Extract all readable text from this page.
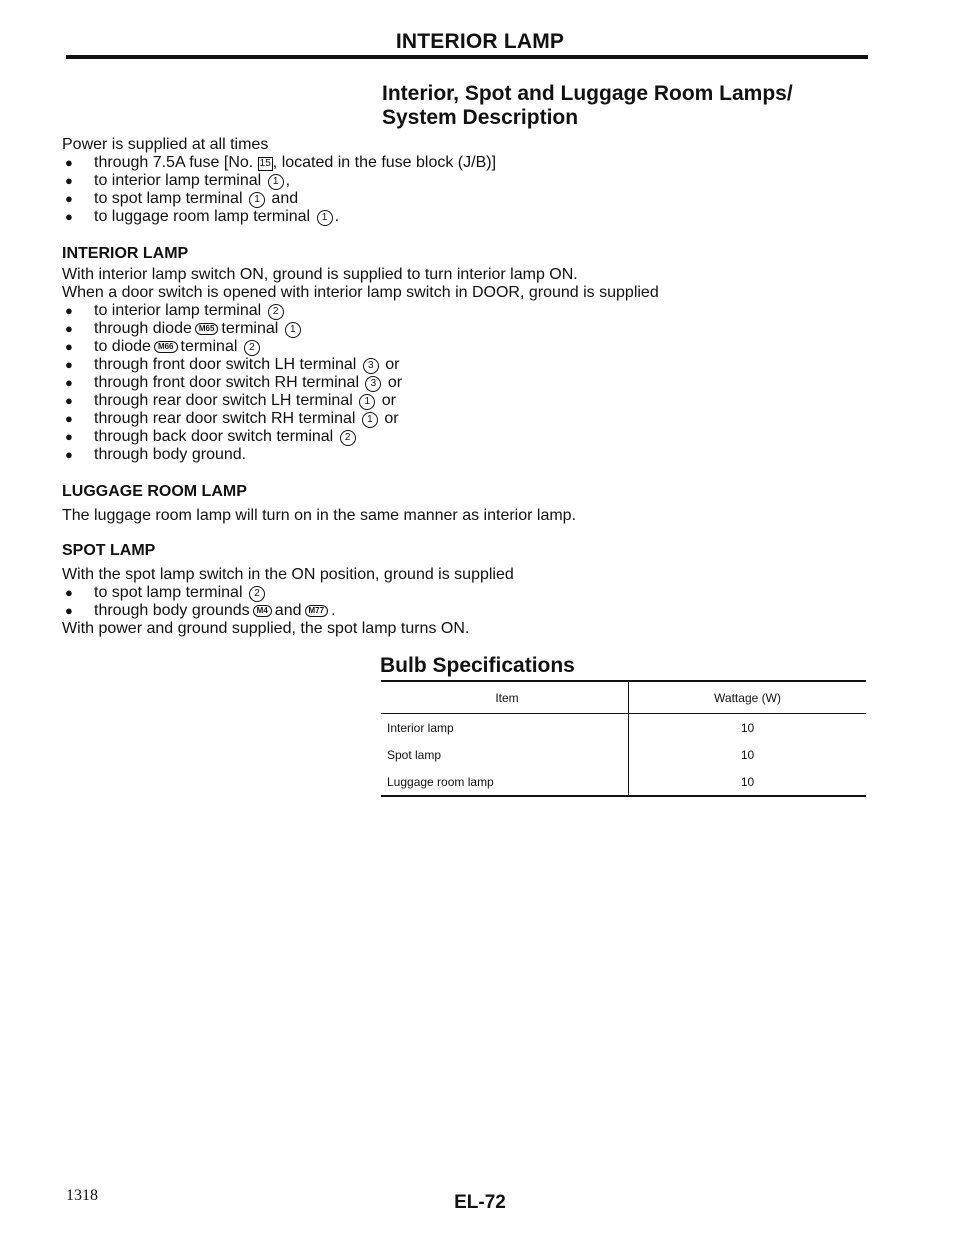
INTERIOR LAMP
Interior, Spot and Luggage Room Lamps/
System Description
Power is supplied at all times
●	through 7.5A fuse [No. 15 , located in the fuse block (J/B)]
●	to interior lamp terminal 1 ,
●	to spot lamp terminal 1 and
●	to luggage room lamp terminal 1 .
INTERIOR LAMP
With interior lamp switch ON, ground is supplied to turn interior lamp ON.
When a door switch is opened with interior lamp switch in DOOR, ground is supplied
●	to interior lamp terminal 2
●	through diode M65 terminal 1
●	to diode M66 terminal 2
●	through front door switch LH terminal 3 or
●	through front door switch RH terminal 3 or
●	through rear door switch LH terminal 1 or
●	through rear door switch RH terminal 1 or
●	through back door switch terminal 2
●	through body ground.
LUGGAGE ROOM LAMP
The luggage room lamp will turn on in the same manner as interior lamp.
SPOT LAMP
With the spot lamp switch in the ON position, ground is supplied
●	to spot lamp terminal 2
●	through body grounds M4 and M77 .
With power and ground supplied, the spot lamp turns ON.
Bulb Specifications
Item	Wattage (W)
Interior lamp	10
Spot lamp	10
Luggage room lamp	10
1318	EL-72
